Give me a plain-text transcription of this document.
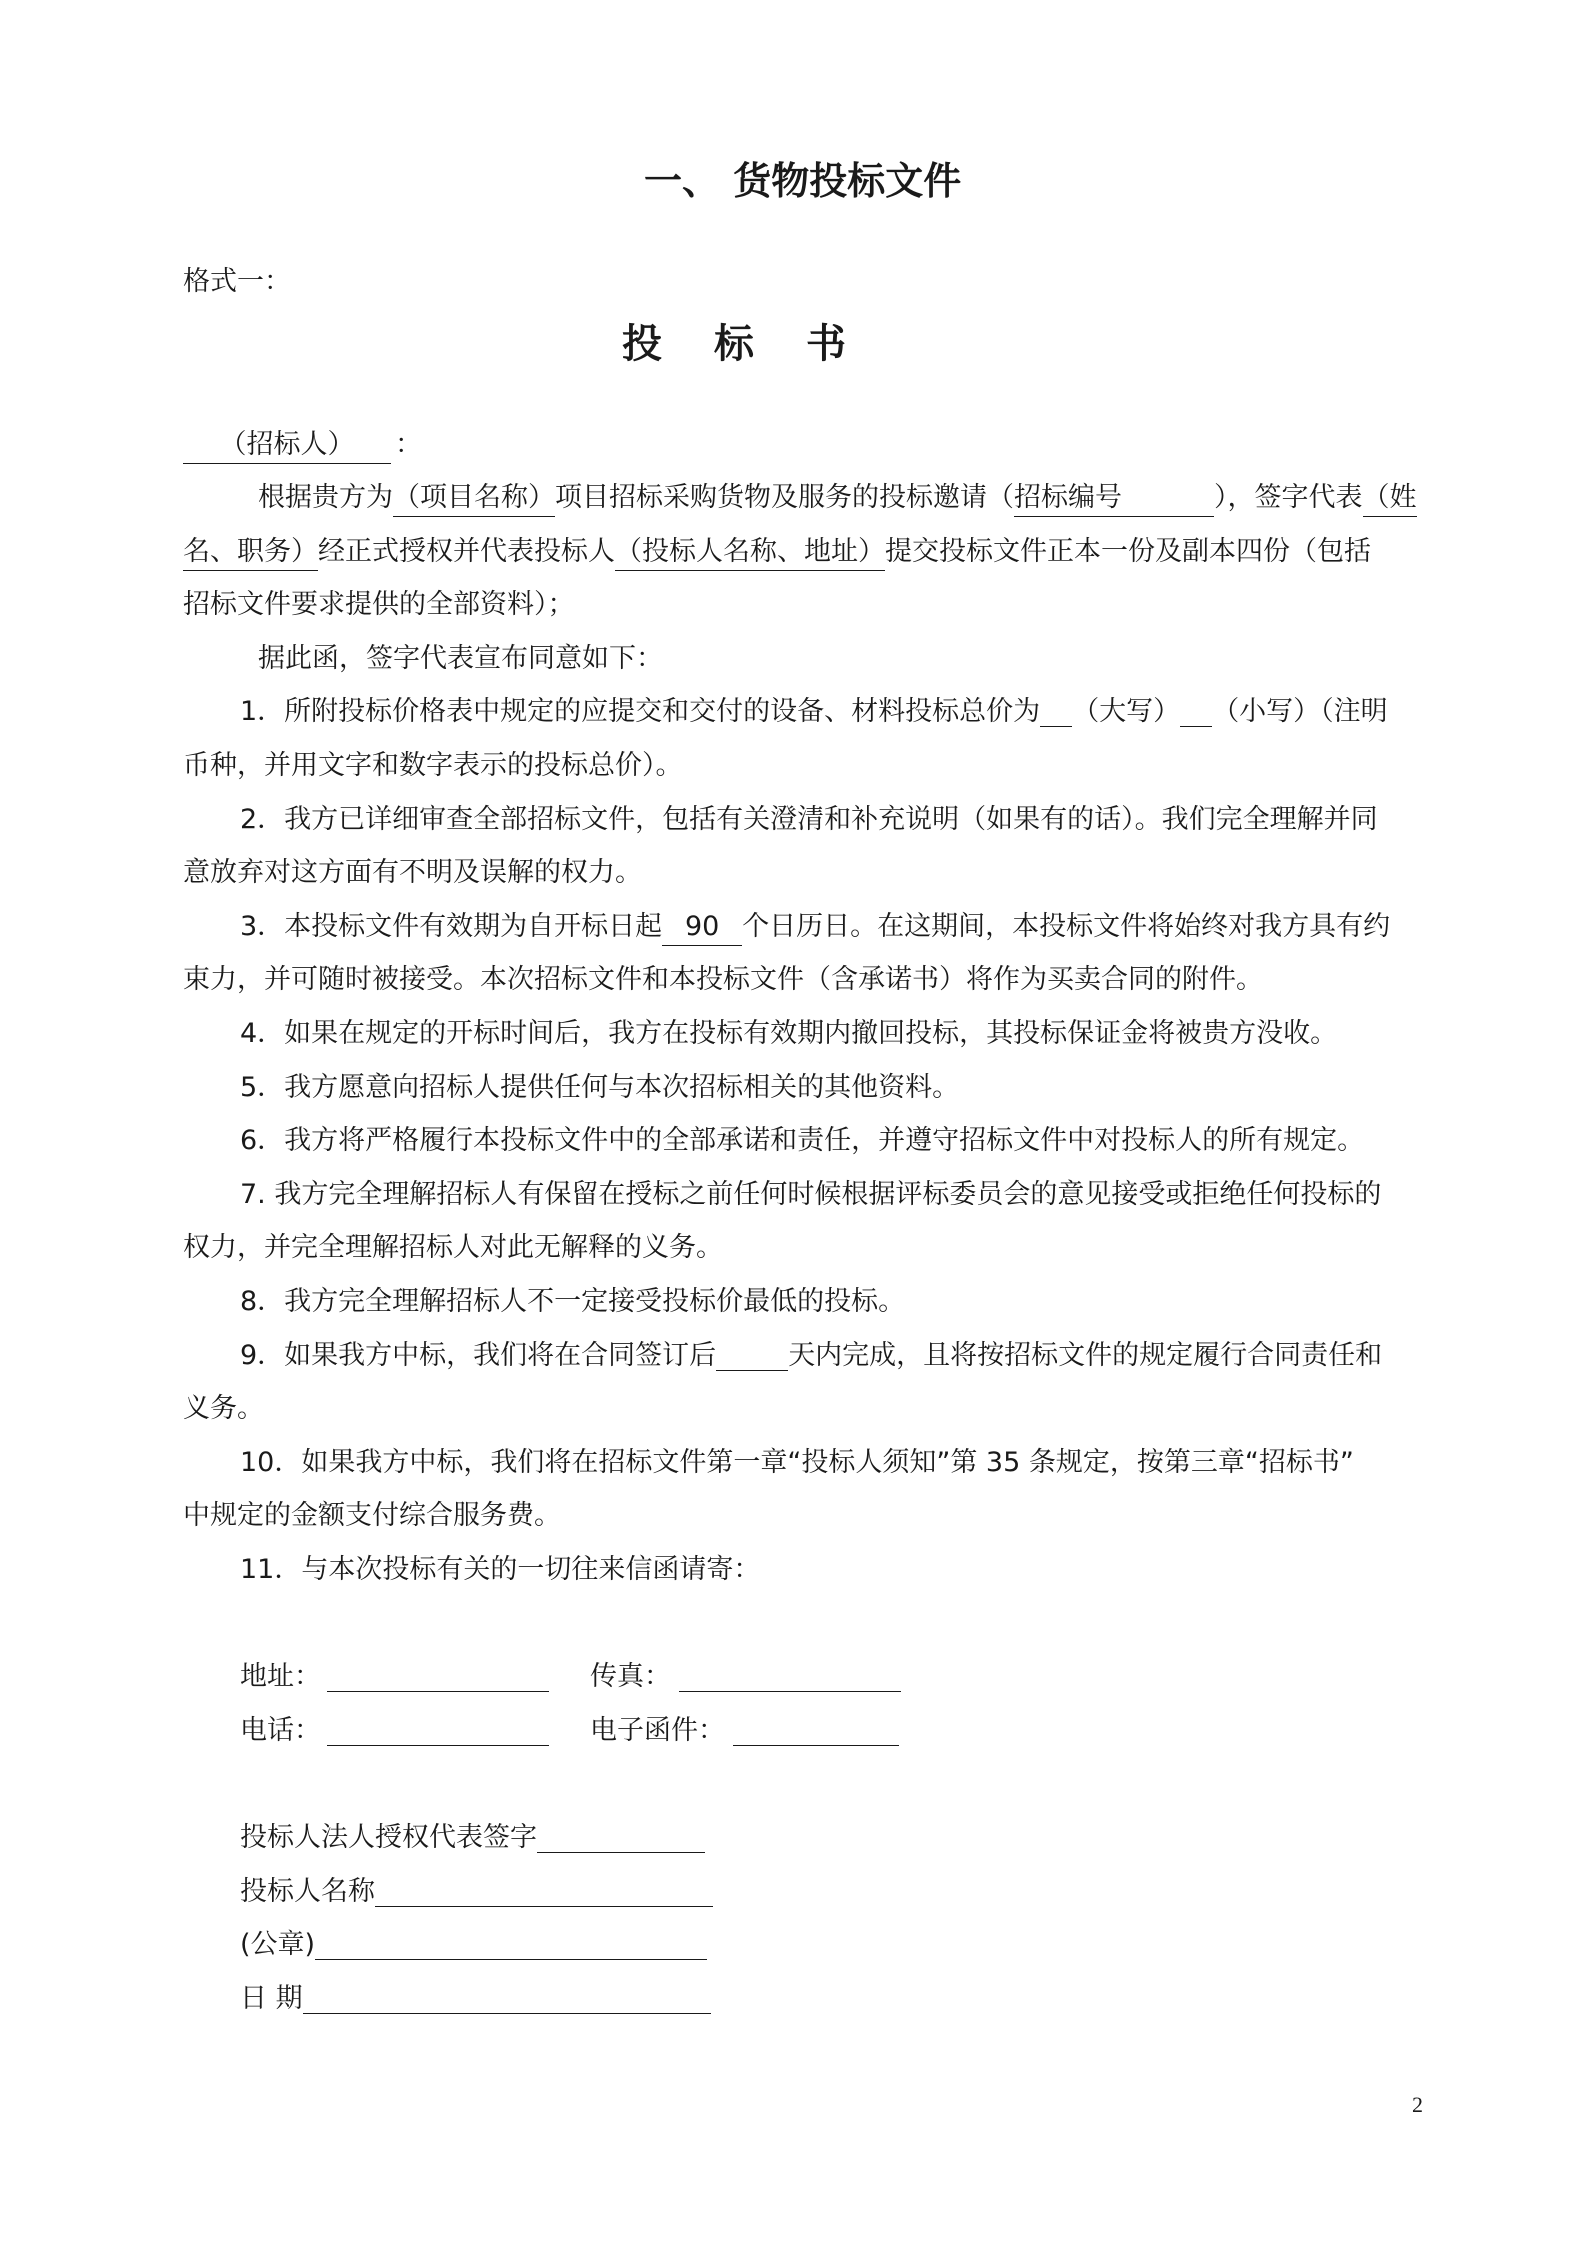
一、 货物投标文件
格式一：
投标书
（招标人） ：
根据贵方为（项目名称）项目招标采购货物及服务的投标邀请（招标编号	），签字代表（姓
名、职务）经正式授权并代表投标人（投标人名称、地址）提交投标文件正本一份及副本四份（包括
招标文件要求提供的全部资料）；
据此函，签字代表宣布同意如下：
1．所附投标价格表中规定的应提交和交付的设备、材料投标总价为 （大写） （小写）（注明
币种，并用文字和数字表示的投标总价）。
2．我方已详细审查全部招标文件，包括有关澄清和补充说明（如果有的话）。我们完全理解并同
意放弃对这方面有不明及误解的权力。
3．本投标文件有效期为自开标日起 90 个日历日。在这期间，本投标文件将始终对我方具有约
束力，并可随时被接受。本次招标文件和本投标文件（含承诺书）将作为买卖合同的附件。
4．如果在规定的开标时间后，我方在投标有效期内撤回投标，其投标保证金将被贵方没收。
5．我方愿意向招标人提供任何与本次招标相关的其他资料。
6．我方将严格履行本投标文件中的全部承诺和责任，并遵守招标文件中对投标人的所有规定。
7. 我方完全理解招标人有保留在授标之前任何时候根据评标委员会的意见接受或拒绝任何投标的
权力，并完全理解招标人对此无解释的义务。
8．我方完全理解招标人不一定接受投标价最低的投标。
9．如果我方中标，我们将在合同签订后	天内完成，且将按招标文件的规定履行合同责任和
义务。
10．如果我方中标，我们将在招标文件第一章“投标人须知”第 35 条规定，按第三章“招标书”
中规定的金额支付综合服务费。
11．与本次投标有关的一切往来信函请寄：
地址：	传真：
电话：	电子函件：
投标人法人授权代表签字
投标人名称
(公章)
日 期
2
